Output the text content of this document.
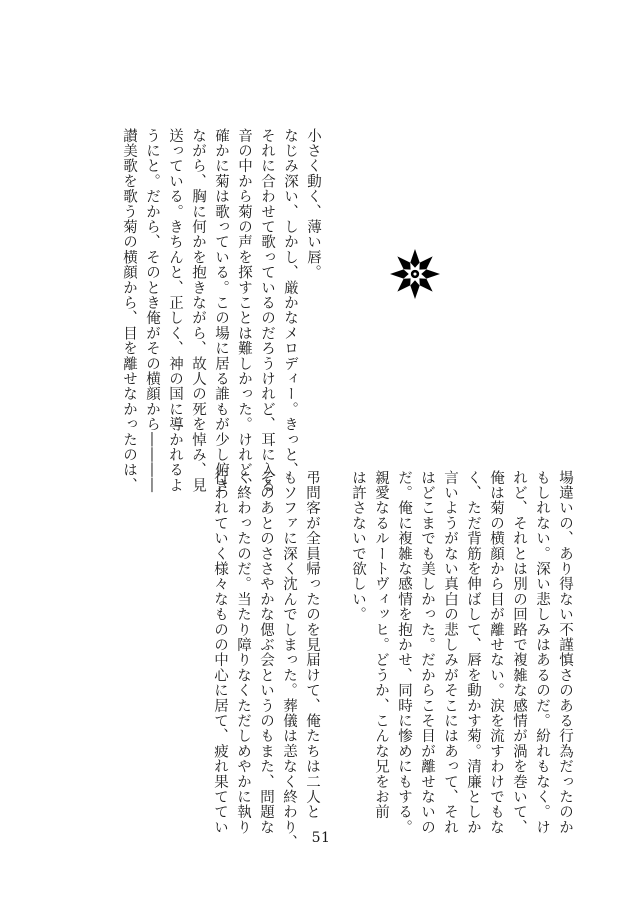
小さく動く、薄い唇。

なじみ深い、しかし、厳かなメロディー。きっと、

それに合わせて歌っているのだろうけれど、耳に入る

音の中から菊の声を探すことは難しかった。けれど、

確かに菊は歌っている。この場に居る誰もが少し俯き

ながら、胸に何かを抱きながら、故人の死を悼み、見

送っている。きちんと、正しく、神の国に導かれるよ

うにと。だから、そのとき俺がその横顔から――――

讃美歌を歌う菊の横顔から、目を離せなかったのは、

場違いの、あり得ない不謹慎さのある行為だったのか

もしれない。深い悲しみはあるのだ。紛れもなく。け

れど、それとは別の回路で複雑な感情が渦を巻いて、

俺は菊の横顔から目が離せない。涙を流すわけでもな

く、ただ背筋を伸ばして、唇を動かす菊。清廉としか

言いようがない真白の悲しみがそこにはあって、それ

はどこまでも美しかった。だからこそ目が離せないの

だ。俺に複雑な感情を抱かせ、同時に惨めにもする。

親愛なるルートヴィッヒ。どうか、こんな兄をお前

は許さないで欲しい。

弔問客が全員帰ったのを見届けて、俺たちは二人と

もソファに深く沈んでしまった。葬儀は恙なく終わり、

そのあとのささやかな偲ぶ会というのもまた、問題な

く終わったのだ。当たり障りなくただしめやかに執り

行われていく様々なものの中心に居て、疲れ果ててい

51
